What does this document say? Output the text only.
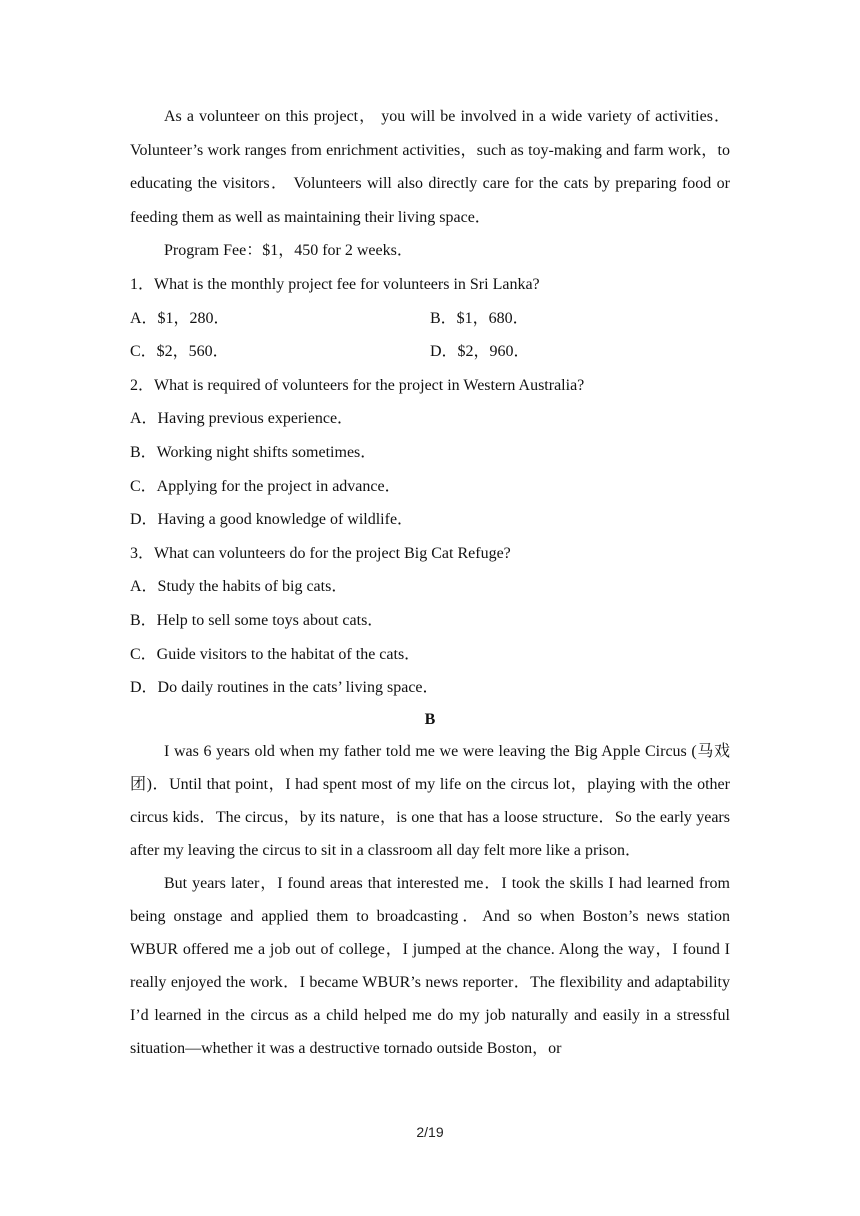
As a volunteer on this project， you will be involved in a wide variety of activities．Volunteer’s work ranges from enrichment activities，such as toy-making and farm work，to educating the visitors． Volunteers will also directly care for the cats by preparing food or feeding them as well as maintaining their living space．

Program Fee：$1，450 for 2 weeks．

1．What is the monthly project fee for volunteers in Sri Lanka?

A．$1，280．	B．$1，680．
C．$2，560．	D．$2，960．

2．What is required of volunteers for the project in Western Australia?

A．Having previous experience．

B．Working night shifts sometimes．

C．Applying for the project in advance．

D．Having a good knowledge of wildlife．

3．What can volunteers do for the project Big Cat Refuge?

A．Study the habits of big cats．

B．Help to sell some toys about cats．

C．Guide visitors to the habitat of the cats．

D．Do daily routines in the cats’ living space．

B

I was 6 years old when my father told me we were leaving the Big Apple Circus (马戏团)．Until that point，I had spent most of my life on the circus lot，playing with the other circus kids．The circus，by its nature，is one that has a loose structure．So the early years after my leaving the circus to sit in a classroom all day felt more like a prison．

But years later，I found areas that interested me．I took the skills I had learned from being onstage and applied them to broadcasting．And so when Boston’s news station WBUR offered me a job out of college，I jumped at the chance. Along the way，I found I really enjoyed the work．I became WBUR’s news reporter．The flexibility and adaptability I’d learned in the circus as a child helped me do my job naturally and easily in a stressful situation—whether it was a destructive tornado outside Boston，or

2/19
